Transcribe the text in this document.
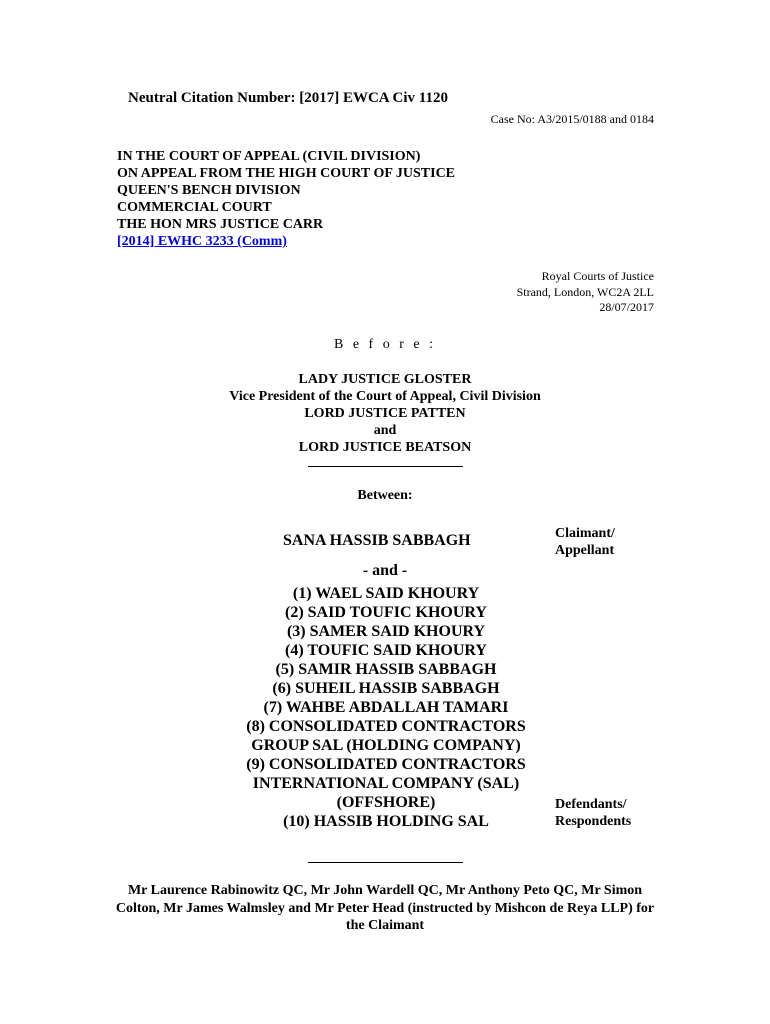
Neutral Citation Number: [2017] EWCA Civ 1120
Case No: A3/2015/0188 and 0184
IN THE COURT OF APPEAL (CIVIL DIVISION)
ON APPEAL FROM THE HIGH COURT OF JUSTICE
QUEEN'S BENCH DIVISION
COMMERCIAL COURT
THE HON MRS JUSTICE CARR
[2014] EWHC 3233 (Comm)
Royal Courts of Justice
Strand, London, WC2A 2LL
28/07/2017
B e f o r e :
LADY JUSTICE GLOSTER
Vice President of the Court of Appeal, Civil Division
LORD JUSTICE PATTEN
and
LORD JUSTICE BEATSON
Between:
SANA HASSIB SABBAGH	Claimant/
Appellant
- and -
(1) WAEL SAID KHOURY
(2) SAID TOUFIC KHOURY
(3) SAMER SAID KHOURY
(4) TOUFIC SAID KHOURY
(5) SAMIR HASSIB SABBAGH
(6) SUHEIL HASSIB SABBAGH
(7) WAHBE ABDALLAH TAMARI
(8) CONSOLIDATED CONTRACTORS
GROUP SAL (HOLDING COMPANY)
(9) CONSOLIDATED CONTRACTORS
INTERNATIONAL COMPANY (SAL)
(OFFSHORE)
(10) HASSIB HOLDING SAL
Defendants/
Respondents
Mr Laurence Rabinowitz QC, Mr John Wardell QC, Mr Anthony Peto QC, Mr Simon Colton, Mr James Walmsley and Mr Peter Head (instructed by Mishcon de Reya LLP) for the Claimant
